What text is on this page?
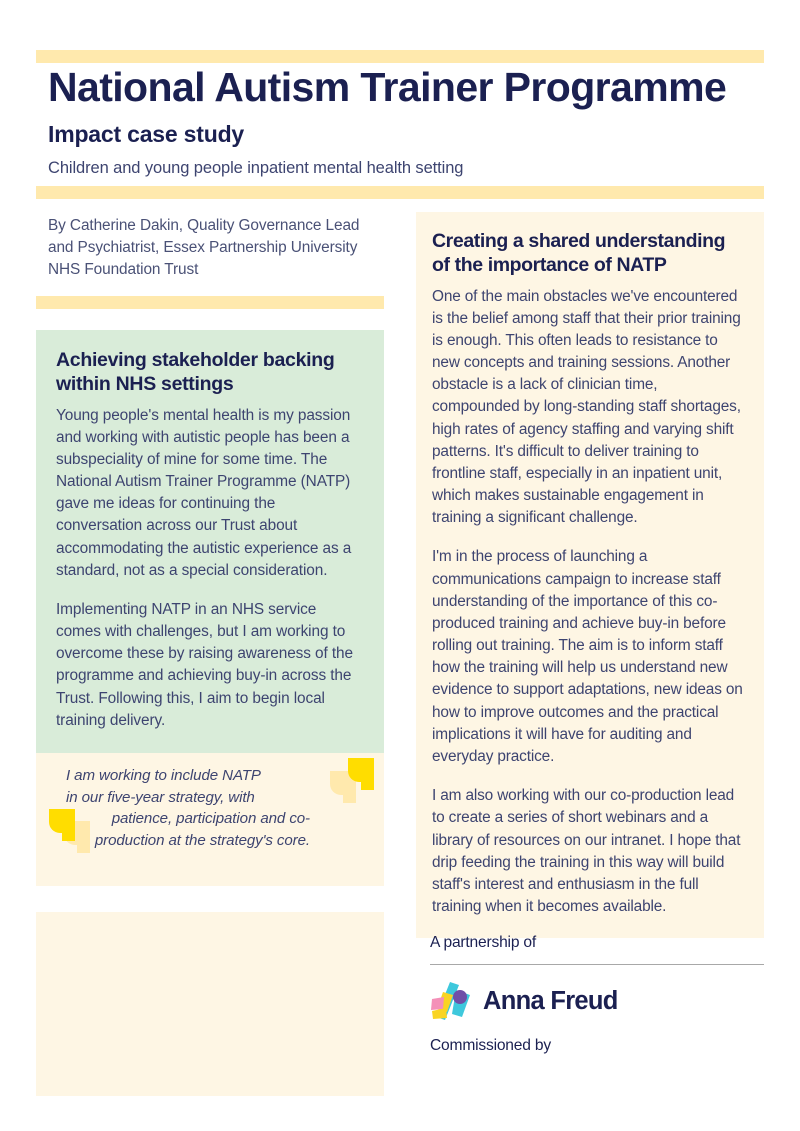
National Autism Trainer Programme
Impact case study
Children and young people inpatient mental health setting
By Catherine Dakin, Quality Governance Lead and Psychiatrist, Essex Partnership University NHS Foundation Trust
Achieving stakeholder backing within NHS settings

Young people's mental health is my passion and working with autistic people has been a subspeciality of mine for some time. The National Autism Trainer Programme (NATP) gave me ideas for continuing the conversation across our Trust about accommodating the autistic experience as a standard, not as a special consideration.

Implementing NATP in an NHS service comes with challenges, but I am working to overcome these by raising awareness of the programme and achieving buy-in across the Trust. Following this, I aim to begin local training delivery.

I am working to include NATP
in our five-year strategy, with
patience, participation and co-production at the strategy's core.
Creating a shared understanding of the importance of NATP

One of the main obstacles we've encountered is the belief among staff that their prior training is enough. This often leads to resistance to new concepts and training sessions. Another obstacle is a lack of clinician time, compounded by long-standing staff shortages, high rates of agency staffing and varying shift patterns. It's difficult to deliver training to frontline staff, especially in an inpatient unit, which makes sustainable engagement in training a significant challenge.

I'm in the process of launching a communications campaign to increase staff understanding of the importance of this co-produced training and achieve buy-in before rolling out training. The aim is to inform staff how the training will help us understand new evidence to support adaptations, new ideas on how to improve outcomes and the practical implications it will have for auditing and everyday practice.

I am also working with our co-production lead to create a series of short webinars and a library of resources on our intranet. I hope that drip feeding the training in this way will build staff's interest and enthusiasm in the full training when it becomes available.

A partnership of
Anna Freud
Commissioned by
